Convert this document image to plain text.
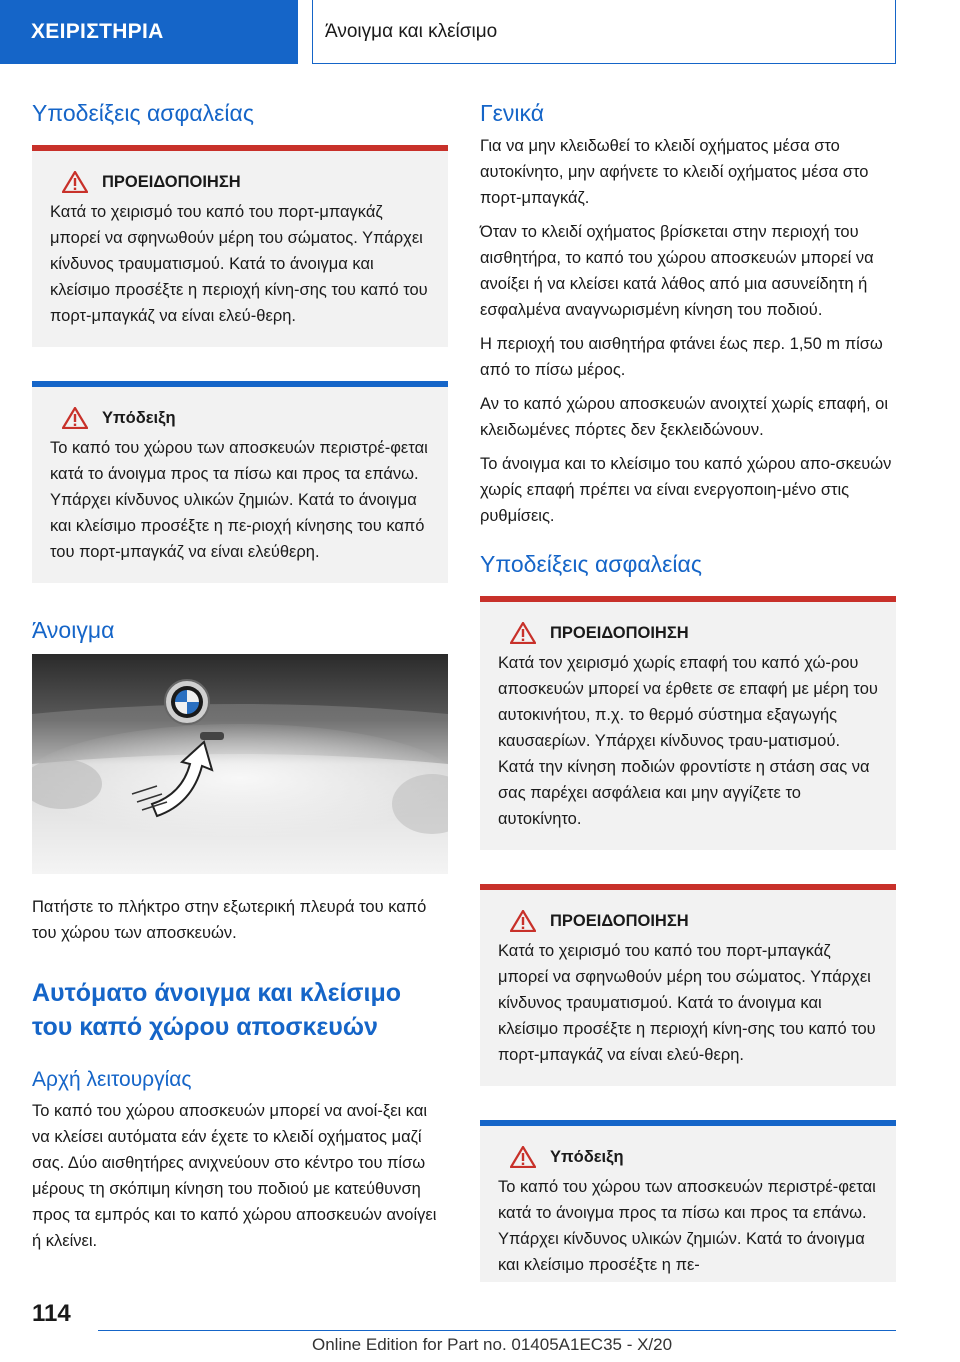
ΧΕΙΡΙΣΤΗΡΙΑ	Άνοιγμα και κλείσιμο
Υποδείξεις ασφαλείας
ΠΡΟΕΙΔΟΠΟΙΗΣΗ

Κατά το χειρισμό του καπό του πορτ-μπαγκάζ μπορεί να σφηνωθούν μέρη του σώματος. Υπάρχει κίνδυνος τραυματισμού. Κατά το άνοιγμα και κλείσιμο προσέξτε η περιοχή κίνη-σης του καπό του πορτ-μπαγκάζ να είναι ελεύ-θερη.

Υπόδειξη

Το καπό του χώρου των αποσκευών περιστρέ-φεται κατά το άνοιγμα προς τα πίσω και προς τα επάνω. Υπάρχει κίνδυνος υλικών ζημιών. Κατά το άνοιγμα και κλείσιμο προσέξτε η πε-ριοχή κίνησης του καπό του πορτ-μπαγκάζ να είναι ελεύθερη.

Άνοιγμα

Πατήστε το πλήκτρο στην εξωτερική πλευρά του καπό του χώρου των αποσκευών.

Αυτόματο άνοιγμα και κλείσιμο του καπό χώρου αποσκευών
Αρχή λειτουργίας

Το καπό του χώρου αποσκευών μπορεί να ανοί-ξει και να κλείσει αυτόματα εάν έχετε το κλειδί οχήματος μαζί σας. Δύο αισθητήρες ανιχνεύουν στο κέντρο του πίσω μέρους τη σκόπιμη κίνηση του ποδιού με κατεύθυνση προς τα εμπρός και το καπό χώρου αποσκευών ανοίγει ή κλείνει.

Γενικά

Για να μην κλειδωθεί το κλειδί οχήματος μέσα στο αυτοκίνητο, μην αφήνετε το κλειδί οχήματος μέσα στο πορτ-μπαγκάζ.

Όταν το κλειδί οχήματος βρίσκεται στην περιοχή του αισθητήρα, το καπό του χώρου αποσκευών μπορεί να ανοίξει ή να κλείσει κατά λάθος από μια ασυνείδητη ή εσφαλμένα αναγνωρισμένη κίνηση του ποδιού.

Η περιοχή του αισθητήρα φτάνει έως περ. 1,50 m πίσω από το πίσω μέρος.

Αν το καπό χώρου αποσκευών ανοιχτεί χωρίς επαφή, οι κλειδωμένες πόρτες δεν ξεκλειδώνουν.

Το άνοιγμα και το κλείσιμο του καπό χώρου απο-σκευών χωρίς επαφή πρέπει να είναι ενεργοποιη-μένο στις ρυθμίσεις.

Υποδείξεις ασφαλείας
ΠΡΟΕΙΔΟΠΟΙΗΣΗ

Κατά τον χειρισμό χωρίς επαφή του καπό χώ-ρου αποσκευών μπορεί να έρθετε σε επαφή με μέρη του αυτοκινήτου, π.χ. το θερμό σύστημα εξαγωγής καυσαερίων. Υπάρχει κίνδυνος τραυ-ματισμού. Κατά την κίνηση ποδιών φροντίστε η στάση σας να σας παρέχει ασφάλεια και μην αγγίζετε το αυτοκίνητο.

ΠΡΟΕΙΔΟΠΟΙΗΣΗ

Κατά το χειρισμό του καπό του πορτ-μπαγκάζ μπορεί να σφηνωθούν μέρη του σώματος. Υπάρχει κίνδυνος τραυματισμού. Κατά το άνοιγμα και κλείσιμο προσέξτε η περιοχή κίνη-σης του καπό του πορτ-μπαγκάζ να είναι ελεύ-θερη.

Υπόδειξη

Το καπό του χώρου των αποσκευών περιστρέ-φεται κατά το άνοιγμα προς τα πίσω και προς τα επάνω. Υπάρχει κίνδυνος υλικών ζημιών. Κατά το άνοιγμα και κλείσιμο προσέξτε η πε-

114
Online Edition for Part no. 01405A1EC35 - X/20
